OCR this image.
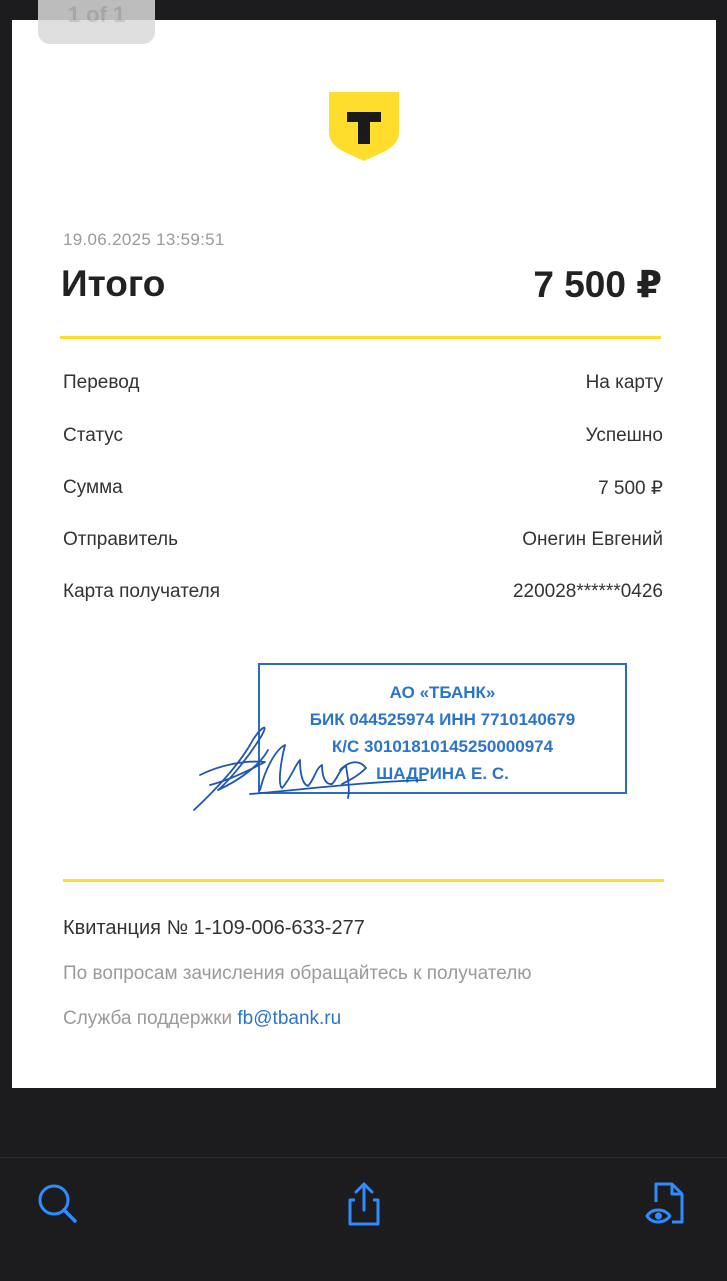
1 of 1
19.06.2025 13:59:51
Итого	7 500 ₽
Перевод	На карту
Статус	Успешно
Сумма	7 500 ₽
Отправитель	Онегин Евгений
Карта получателя	220028******0426
АО «ТБАНК»
БИК 044525974 ИНН 7710140679
К/С 30101810145250000974
ШАДРИНА Е. С.
Квитанция № 1-109-006-633-277
По вопросам зачисления обращайтесь к получателю
Служба поддержки fb@tbank.ru
